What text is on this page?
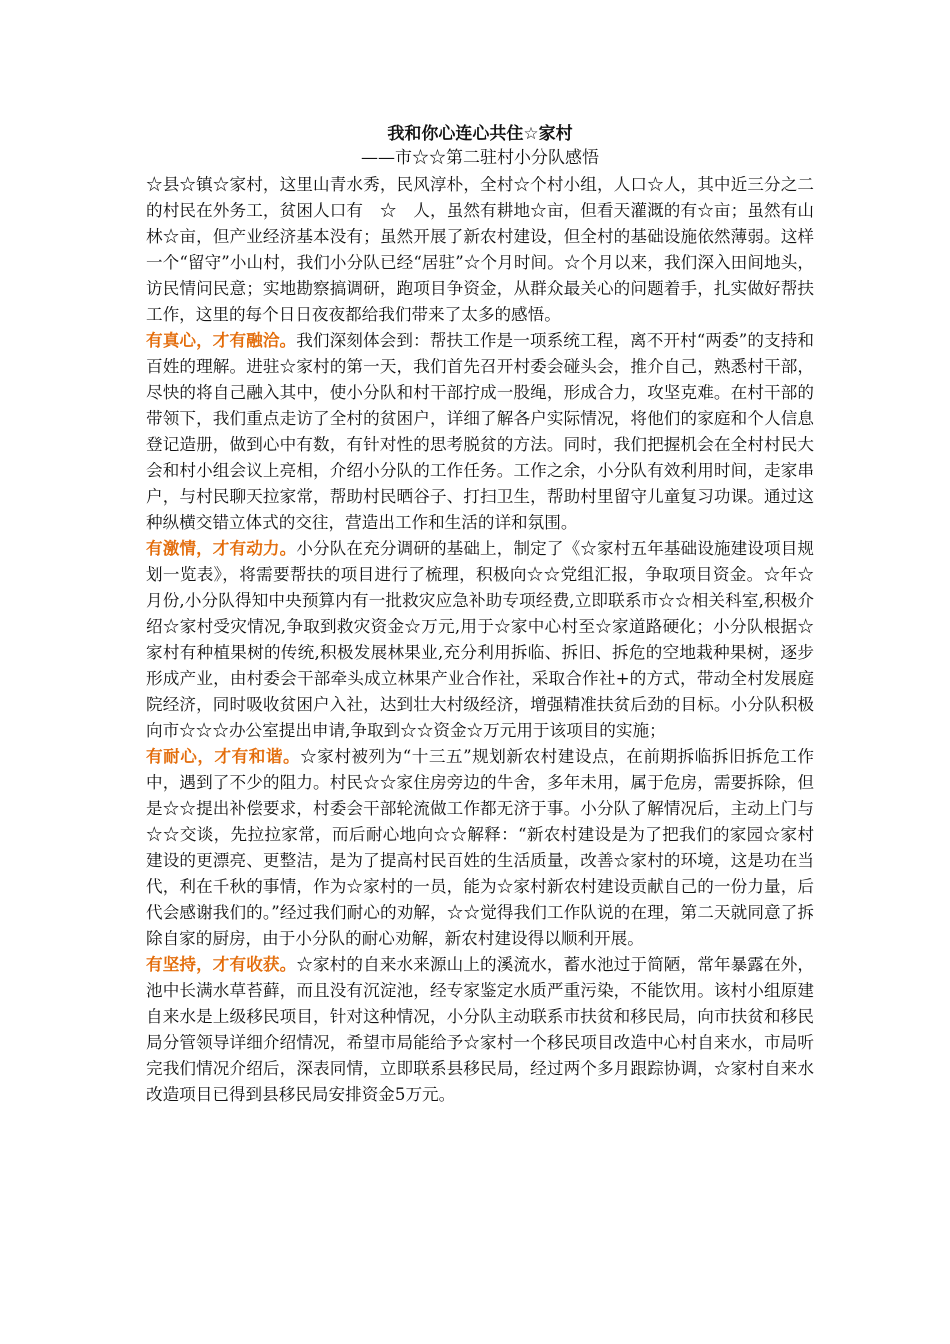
我和你心连心共住☆家村

——市☆☆第二驻村小分队感悟

☆县☆镇☆家村，这里山青水秀，民风淳朴，全村☆个村小组，人口☆人，其中近三分之二的村民在外务工，贫困人口有　☆　人，虽然有耕地☆亩，但看天灌溉的有☆亩；虽然有山林☆亩，但产业经济基本没有；虽然开展了新农村建设，但全村的基础设施依然薄弱。这样一个“留守”小山村，我们小分队已经“居驻”☆个月时间。☆个月以来，我们深入田间地头，访民情问民意；实地勘察搞调研，跑项目争资金，从群众最关心的问题着手，扎实做好帮扶工作，这里的每个日日夜夜都给我们带来了太多的感悟。

有真心，才有融洽。我们深刻体会到：帮扶工作是一项系统工程，离不开村“两委”的支持和百姓的理解。进驻☆家村的第一天，我们首先召开村委会碰头会，推介自己，熟悉村干部，尽快的将自己融入其中，使小分队和村干部拧成一股绳，形成合力，攻坚克难。在村干部的带领下，我们重点走访了全村的贫困户，详细了解各户实际情况，将他们的家庭和个人信息登记造册，做到心中有数，有针对性的思考脱贫的方法。同时，我们把握机会在全村村民大会和村小组会议上亮相，介绍小分队的工作任务。工作之余，小分队有效利用时间，走家串户，与村民聊天拉家常，帮助村民晒谷子、打扫卫生，帮助村里留守儿童复习功课。通过这种纵横交错立体式的交往，营造出工作和生活的详和氛围。

有激情，才有动力。小分队在充分调研的基础上，制定了《☆家村五年基础设施建设项目规划一览表》，将需要帮扶的项目进行了梳理，积极向☆☆党组汇报，争取项目资金。☆年☆月份,小分队得知中央预算内有一批救灾应急补助专项经费,立即联系市☆☆相关科室,积极介绍☆家村受灾情况,争取到救灾资金☆万元,用于☆家中心村至☆家道路硬化；小分队根据☆家村有种植果树的传统,积极发展林果业,充分利用拆临、拆旧、拆危的空地栽种果树，逐步形成产业，由村委会干部牵头成立林果产业合作社，采取合作社+的方式，带动全村发展庭院经济，同时吸收贫困户入社，达到壮大村级经济，增强精准扶贫后劲的目标。小分队积极向市☆☆☆办公室提出申请,争取到☆☆资金☆万元用于该项目的实施；

有耐心，才有和谐。☆家村被列为“十三五”规划新农村建设点，在前期拆临拆旧拆危工作中，遇到了不少的阻力。村民☆☆家住房旁边的牛舍，多年未用，属于危房，需要拆除，但是☆☆提出补偿要求，村委会干部轮流做工作都无济于事。小分队了解情况后，主动上门与☆☆交谈，先拉拉家常，而后耐心地向☆☆解释：“新农村建设是为了把我们的家园☆家村建设的更漂亮、更整洁，是为了提高村民百姓的生活质量，改善☆家村的环境，这是功在当代，利在千秋的事情，作为☆家村的一员，能为☆家村新农村建设贡献自己的一份力量，后代会感谢我们的。”经过我们耐心的劝解，☆☆觉得我们工作队说的在理，第二天就同意了拆除自家的厨房，由于小分队的耐心劝解，新农村建设得以顺利开展。

有坚持，才有收获。☆家村的自来水来源山上的溪流水，蓄水池过于简陋，常年暴露在外，池中长满水草苔藓，而且没有沉淀池，经专家鉴定水质严重污染，不能饮用。该村小组原建自来水是上级移民项目，针对这种情况，小分队主动联系市扶贫和移民局，向市扶贫和移民局分管领导详细介绍情况，希望市局能给予☆家村一个移民项目改造中心村自来水，市局听完我们情况介绍后，深表同情，立即联系县移民局，经过两个多月跟踪协调，☆家村自来水改造项目已得到县移民局安排资金5万元。
